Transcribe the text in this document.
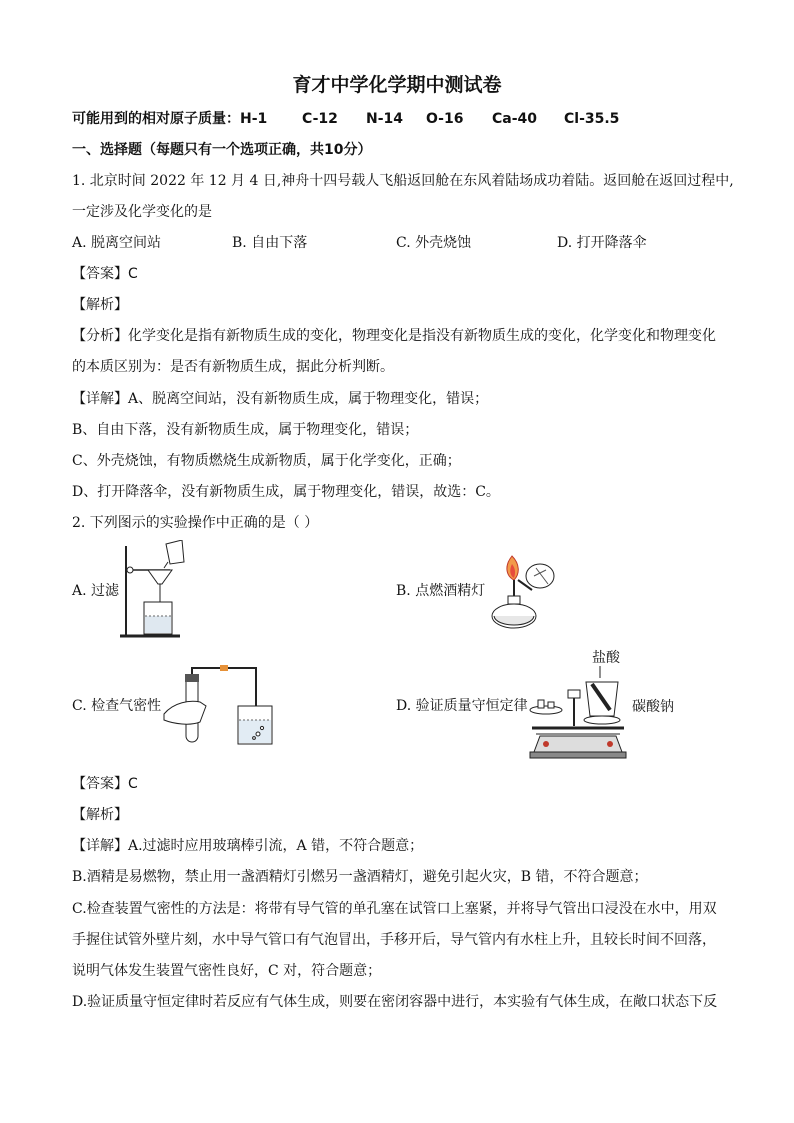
育才中学化学期中测试卷
可能用到的相对原子质量：H-1 C-12 N-14 O-16 Ca-40 Cl-35.5
一、选择题（每题只有一个选项正确，共10分）
1. 北京时间 2022 年 12 月 4 日,神舟十四号载人飞船返回舱在东风着陆场成功着陆。返回舱在返回过程中,
一定涉及化学变化的是
A. 脱离空间站	B. 自由下落	C. 外壳烧蚀	D. 打开降落伞
【答案】C
【解析】
【分析】化学变化是指有新物质生成的变化，物理变化是指没有新物质生成的变化，化学变化和物理变化
的本质区别为：是否有新物质生成，据此分析判断。
【详解】A、脱离空间站，没有新物质生成，属于物理变化，错误；
B、自由下落，没有新物质生成，属于物理变化，错误；
C、外壳烧蚀，有物质燃烧生成新物质，属于化学变化，正确；
D、打开降落伞，没有新物质生成，属于物理变化，错误，故选：C。
2. 下列图示的实验操作中正确的是（ ）
A. 过滤	B. 点燃酒精灯
C. 检查气密性	D. 验证质量守恒定律
盐酸
碳酸钠
【答案】C
【解析】
【详解】A.过滤时应用玻璃棒引流，A 错，不符合题意；
B.酒精是易燃物，禁止用一盏酒精灯引燃另一盏酒精灯，避免引起火灾，B 错，不符合题意；
C.检查装置气密性的方法是：将带有导气管的单孔塞在试管口上塞紧，并将导气管出口浸没在水中，用双
手握住试管外壁片刻，水中导气管口有气泡冒出，手移开后，导气管内有水柱上升，且较长时间不回落，
说明气体发生装置气密性良好，C 对，符合题意；
D.验证质量守恒定律时若反应有气体生成，则要在密闭容器中进行，本实验有气体生成，在敞口状态下反
